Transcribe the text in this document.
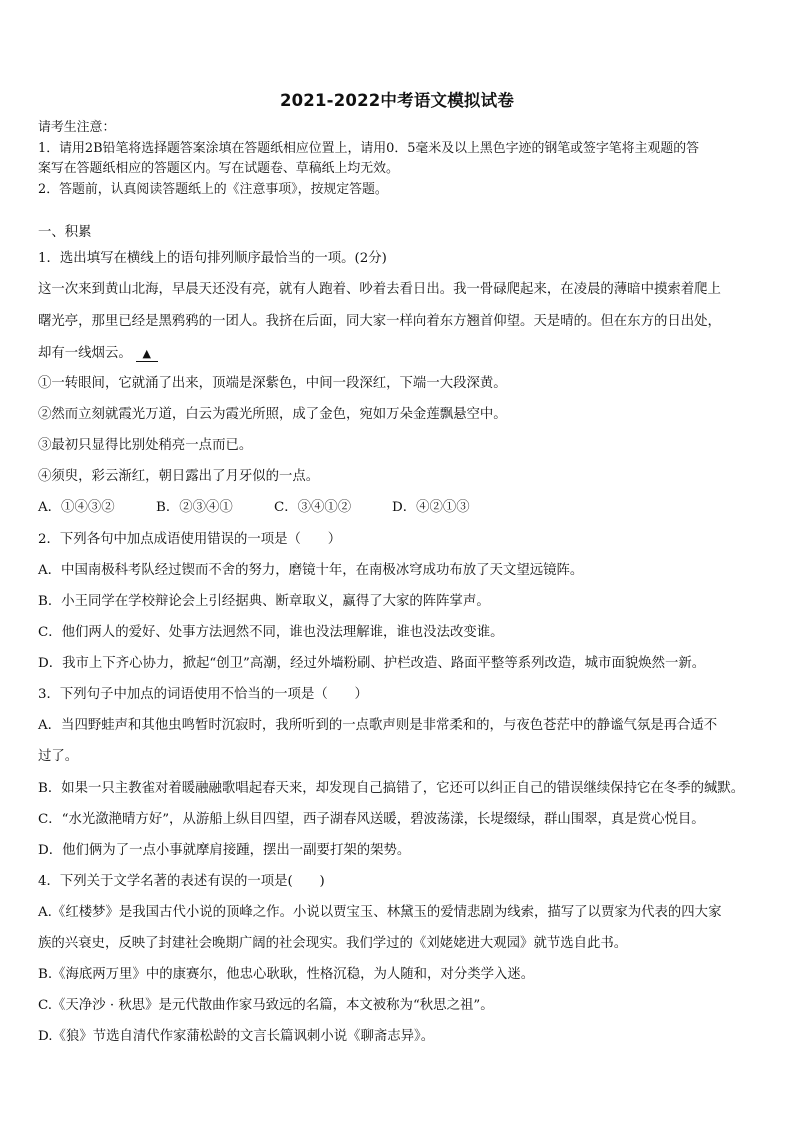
2021-2022中考语文模拟试卷
请考生注意：
1．请用2B铅笔将选择题答案涂填在答题纸相应位置上，请用0．5毫米及以上黑色字迹的钢笔或签字笔将主观题的答
案写在答题纸相应的答题区内。写在试题卷、草稿纸上均无效。
2．答题前，认真阅读答题纸上的《注意事项》，按规定答题。
一、积累
1．选出填写在横线上的语句排列顺序最恰当的一项。(2分)
这一次来到黄山北海，早晨天还没有亮，就有人跑着、吵着去看日出。我一骨碌爬起来，在凌晨的薄暗中摸索着爬上
曙光亭，那里已经是黑鸦鸦的一团人。我挤在后面，同大家一样向着东方翘首仰望。天是晴的。但在东方的日出处，
却有一线烟云。 ▲
①一转眼间，它就涌了出来，顶端是深紫色，中间一段深红，下端一大段深黄。
②然而立刻就霞光万道，白云为霞光所照，成了金色，宛如万朵金莲飘悬空中。
③最初只显得比别处稍亮一点而已。
④须臾，彩云渐红，朝日露出了月牙似的一点。
A．①④③②	B．②③④①	C．③④①②	D．④②①③
2．下列各句中加点成语使用错误的一项是（　　）
A．中国南极科考队经过锲而不舍的努力，磨镜十年，在南极冰穹成功布放了天文望远镜阵。
B．小王同学在学校辩论会上引经据典、断章取义，赢得了大家的阵阵掌声。
C．他们两人的爱好、处事方法迥然不同，谁也没法理解谁，谁也没法改变谁。
D．我市上下齐心协力，掀起“创卫”高潮，经过外墙粉刷、护栏改造、路面平整等系列改造，城市面貌焕然一新。
3．下列句子中加点的词语使用不恰当的一项是（　　）
A．当四野蛙声和其他虫鸣暂时沉寂时，我所听到的一点歌声则是非常柔和的，与夜色苍茫中的静谧气氛是再合适不
过了。
B．如果一只主教雀对着暖融融歌唱起春天来，却发现自己搞错了，它还可以纠正自己的错误继续保持它在冬季的缄默。
C．“水光潋滟晴方好”，从游船上纵目四望，西子湖春风送暖，碧波荡漾，长堤缀绿，群山围翠，真是赏心悦目。
D．他们俩为了一点小事就摩肩接踵，摆出一副要打架的架势。
4．下列关于文学名著的表述有误的一项是(　　)
A.《红楼梦》是我国古代小说的顶峰之作。小说以贾宝玉、林黛玉的爱情悲剧为线索，描写了以贾家为代表的四大家
族的兴衰史，反映了封建社会晚期广阔的社会现实。我们学过的《刘姥姥进大观园》就节选自此书。
B.《海底两万里》中的康赛尔，他忠心耿耿，性格沉稳，为人随和，对分类学入迷。
C.《天净沙 · 秋思》是元代散曲作家马致远的名篇，本文被称为“秋思之祖”。
D.《狼》节选自清代作家蒲松龄的文言长篇讽刺小说《聊斋志异》。
